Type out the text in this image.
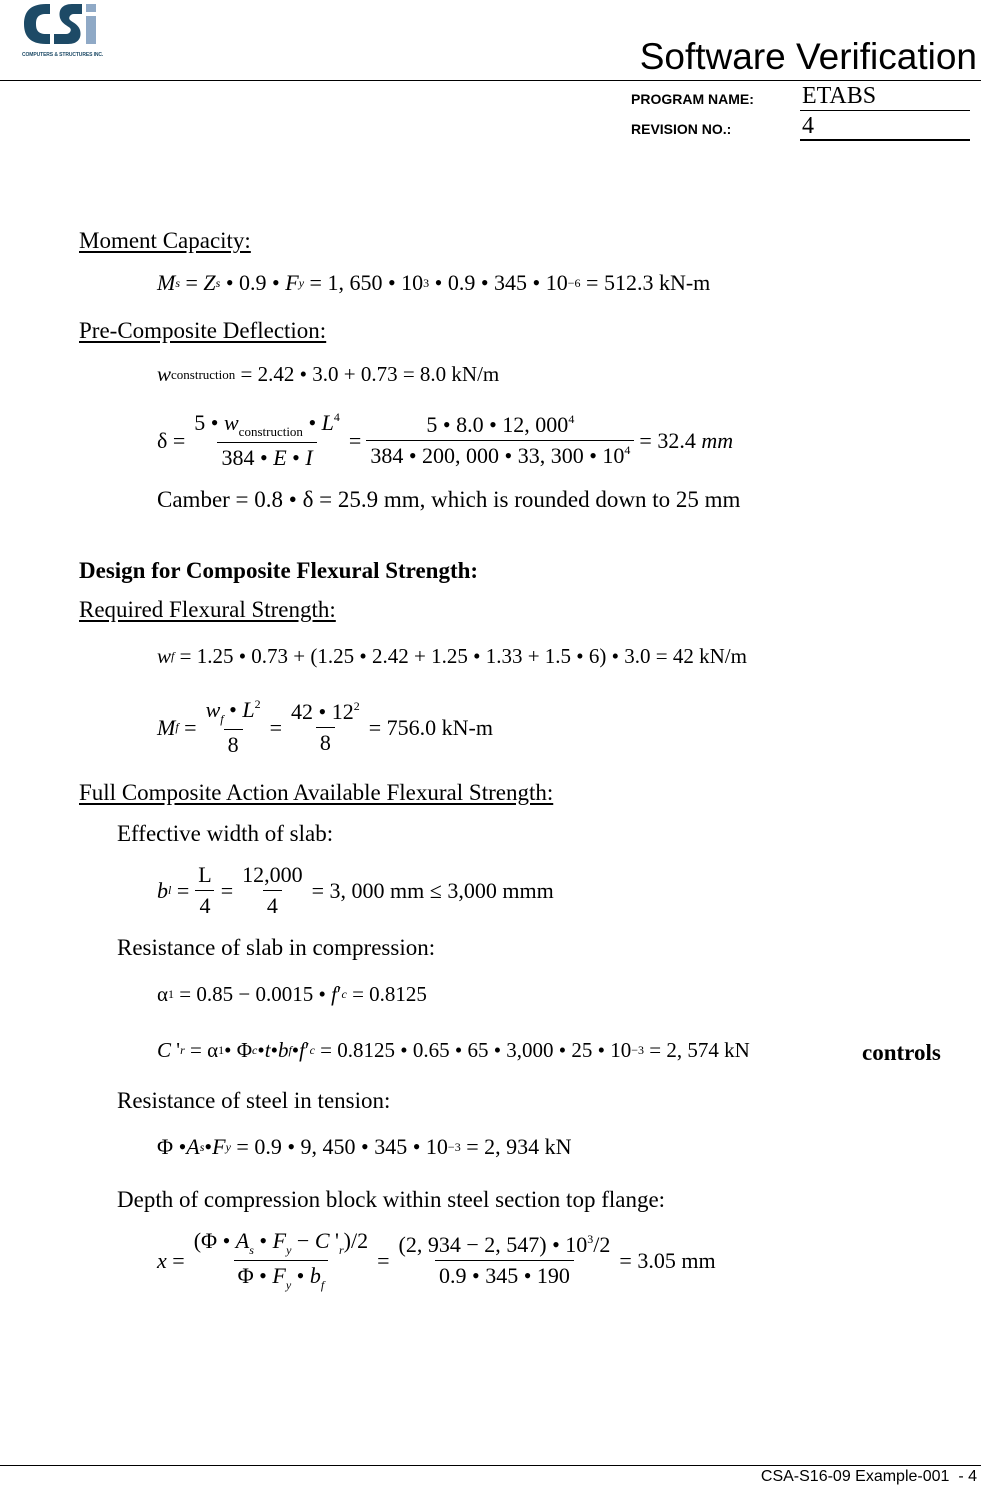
COMPUTERS & STRUCTURES INC.	Software Verification
PROGRAM NAME: ETABS
REVISION NO.:	4
Moment Capacity:
M s = Z s • 0.9 • F y = 1, 650 • 10 3 • 0.9 • 345 • 10 −6
= 512.3 kN-m
Pre-Composite Deflection:
w construction
= 2.42 • 3.0 + 0.73 = 8.0 kN/m
$\delta = \frac{5 • w_{construction} • L^4}{384 • E • I} = \frac{5 • 8.0 • 12, 000^4}{384 • 200, 000 • 33, 300 • 10^4} = 32.4$
mm
Camber = 0.8 • δ = 25.9 mm, which is rounded down to 25 mm
Design for Composite Flexural Strength:
Required Flexural Strength:
w f
= 1.25 • 0.73 + (1.25 • 2.42 + 1.25 • 1.33 + 1.5 • 6) • 3.0 = 42 kN/m
M $f = \frac{w_f • L^2}{8} = \frac{42 • 12^2}{8} = 756.0$ kN-m
Full Composite Action Available Flexural Strength:
Effective width of slab:
b $l = \frac{L}{4} = \frac{12,000}{4} = 3$, 000 mm ≤ 3,000 mmm
Resistance of slab in compression:
α 1
= 0.85 − 0.0015 •
f ′ c
= 0.8125
C ' r = α 1 • Φ c • t • b f • f ′ c
= 0.8125 • 0.65 • 65 • 3,000 • 25 • 10 −3
= 2, 574 kN	controls
Resistance of steel in tension:
Φ • A s • F y
= 0.9 • 9, 450 • 345 • 10 −3
= 2, 934 kN
Depth of compression block within steel section top flange:
$x = \frac{(\Phi • A_s • F_y - C '_r)/2}{\Phi • F_y • b_f} = \frac{(2, 934 - 2, 547) • 10^3/2}{0.9 • 345 • 190} = 3.05$ mm
CSA-S16-09 Example-001  - 4
